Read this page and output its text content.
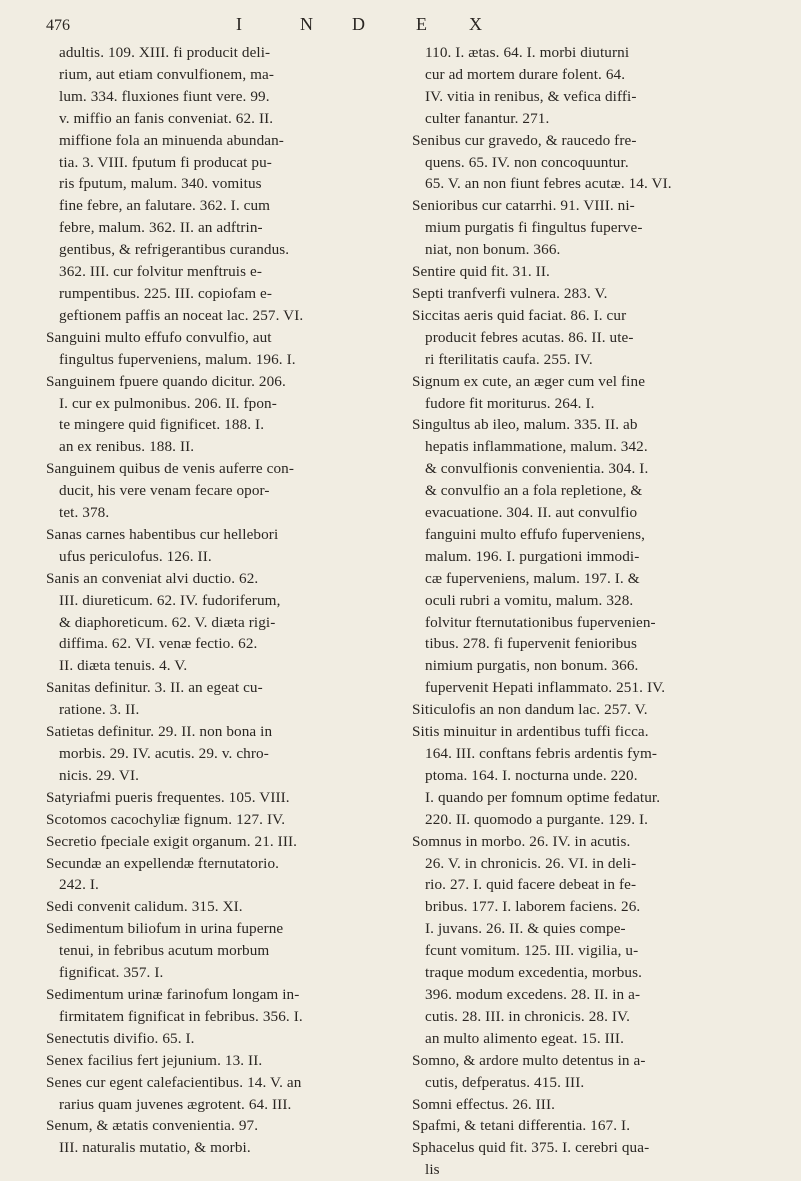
476	I	N D	E X
adultis. 109. XIII. fi producit deli-
rium, aut etiam convulfionem, ma-
lum. 334. fluxiones fiunt vere. 99.
v. miffio an fanis conveniat. 62. II.
miffione fola an minuenda abundan-
tia. 3. VIII. fputum fi producat pu-
ris fputum, malum. 340. vomitus
fine febre, an falutare. 362. I. cum
febre, malum. 362. II. an adftrin-
gentibus, & refrigerantibus curandus.
362. III. cur folvitur menftruis e-
rumpentibus. 225. III. copiofam e-
geftionem paffis an noceat lac. 257. VI.
Sanguini multo effufo convulfio, aut
fingultus fuperveniens, malum. 196. I.
Sanguinem fpuere quando dicitur. 206.
I. cur ex pulmonibus. 206. II. fpon-
te mingere quid fignificet. 188. I.
an ex renibus. 188. II.
Sanguinem quibus de venis auferre con-
ducit, his vere venam fecare opor-
tet. 378.
Sanas carnes habentibus cur hellebori
ufus periculofus. 126. II.
Sanis an conveniat alvi ductio. 62.
III. diureticum. 62. IV. fudoriferum,
& diaphoreticum. 62. V. diæta rigi-
diffima. 62. VI. venæ fectio. 62.
II. diæta tenuis. 4. V.
Sanitas definitur. 3. II. an egeat cu-
ratione. 3. II.
Satietas definitur. 29. II. non bona in
morbis. 29. IV. acutis. 29. v. chro-
nicis. 29. VI.
Satyriafmi pueris frequentes. 105. VIII.
Scotomos cacochyliæ fignum. 127. IV.
Secretio fpeciale exigit organum. 21. III.
Secundæ an expellendæ fternutatorio.
242. I.
Sedi convenit calidum. 315. XI.
Sedimentum biliofum in urina fuperne
tenui, in febribus acutum morbum
fignificat. 357. I.
Sedimentum urinæ farinofum longam in-
firmitatem fignificat in febribus. 356. I.
Senectutis divifio. 65. I.
Senex facilius fert jejunium. 13. II.
Senes cur egent calefacientibus. 14. V. an
rarius quam juvenes ægrotent. 64. III.
Senum, & ætatis convenientia. 97.
III. naturalis mutatio, & morbi.
110. I. ætas. 64. I. morbi diuturni
cur ad mortem durare folent. 64.
IV. vitia in renibus, & vefica diffi-
culter fanantur. 271.
Senibus cur gravedo, & raucedo fre-
quens. 65. IV. non concoquuntur.
65. V. an non fiunt febres acutæ. 14. VI.
Senioribus cur catarrhi. 91. VIII. ni-
mium purgatis fi fingultus fuperve-
niat, non bonum. 366.
Sentire quid fit. 31. II.
Septi tranfverfi vulnera. 283. V.
Siccitas aeris quid faciat. 86. I. cur
producit febres acutas. 86. II. ute-
ri fterilitatis caufa. 255. IV.
Signum ex cute, an æger cum vel fine
fudore fit moriturus. 264. I.
Singultus ab ileo, malum. 335. II. ab
hepatis inflammatione, malum. 342.
& convulfionis convenientia. 304. I.
& convulfio an a fola repletione, &
evacuatione. 304. II. aut convulfio
fanguini multo effufo fuperveniens,
malum. 196. I. purgationi immodi-
cæ fuperveniens, malum. 197. I. &
oculi rubri a vomitu, malum. 328.
folvitur fternutationibus fupervenien-
tibus. 278. fi fupervenit fenioribus
nimium purgatis, non bonum. 366.
fupervenit Hepati inflammato. 251. IV.
Siticulofis an non dandum lac. 257. V.
Sitis minuitur in ardentibus tuffi ficca.
164. III. conftans febris ardentis fym-
ptoma. 164. I. nocturna unde. 220.
I. quando per fomnum optime fedatur.
220. II. quomodo a purgante. 129. I.
Somnus in morbo. 26. IV. in acutis.
26. V. in chronicis. 26. VI. in deli-
rio. 27. I. quid facere debeat in fe-
bribus. 177. I. laborem faciens. 26.
I. juvans. 26. II. & quies compe-
fcunt vomitum. 125. III. vigilia, u-
traque modum excedentia, morbus.
396. modum excedens. 28. II. in a-
cutis. 28. III. in chronicis. 28. IV.
an multo alimento egeat. 15. III.
Somno, & ardore multo detentus in a-
cutis, defperatus. 415. III.
Somni effectus. 26. III.
Spafmi, & tetani differentia. 167. I.
Sphacelus quid fit. 375. I. cerebri qua-
lis
